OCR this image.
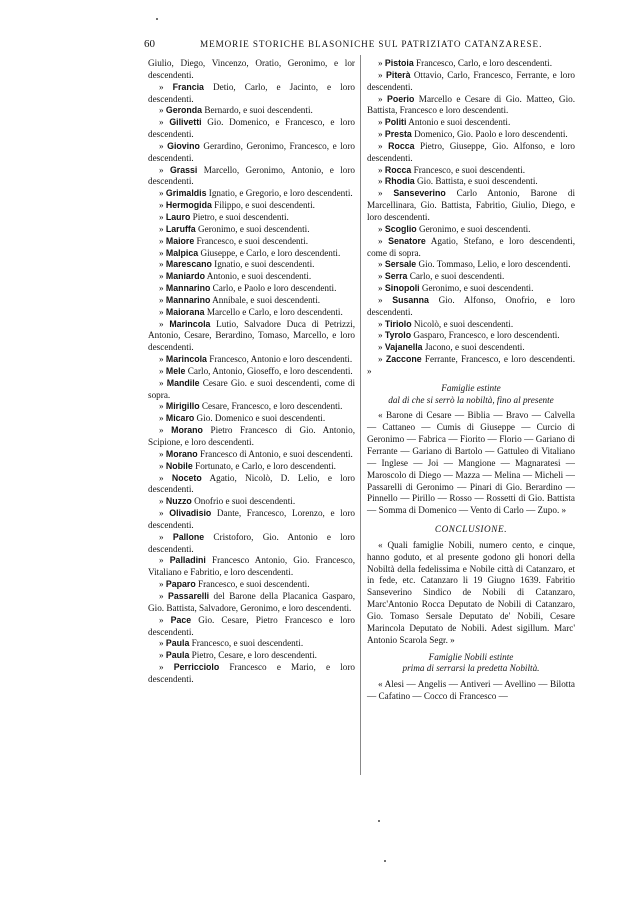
60	MEMORIE STORICHE BLASONICHE SUL PATRIZIATO CATANZARESE.

Giulio, Diego, Vincenzo, Oratio, Geronimo, e lor descendenti.

» Francia Detio, Carlo, e Jacinto, e loro descendenti.

» Geronda Bernardo, e suoi descendenti.

» Gilivetti Gio. Domenico, e Francesco, e loro descendenti.

» Giovino Gerardino, Geronimo, Francesco, e loro descendenti.

» Grassi Marcello, Geronimo, Antonio, e loro descendenti.

» Grimaldis Ignatio, e Gregorio, e loro descendenti.

» Hermogida Filippo, e suoi descendenti.

» Lauro Pietro, e suoi descendenti.

» Laruffa Geronimo, e suoi descendenti.

» Maiore Francesco, e suoi descendenti.

» Malpica Giuseppe, e Carlo, e loro descendenti.

» Marescano Ignatio, e suoi descendenti.

» Maniardo Antonio, e suoi descendenti.

» Mannarino Carlo, e Paolo e loro descendenti.

» Mannarino Annibale, e suoi descendenti.

» Maiorana Marcello e Carlo, e loro descendenti.

» Marincola Lutio, Salvadore Duca di Petrizzi, Antonio, Cesare, Berardino, Tomaso, Marcello, e loro descendenti.

» Marincola Francesco, Antonio e loro descendenti.

» Mele Carlo, Antonio, Gioseffo, e loro descendenti.

» Mandile Cesare Gio. e suoi descendenti, come di sopra.

» Mirigillo Cesare, Francesco, e loro descendenti.

» Micaro Gio. Domenico e suoi descendenti.

» Morano Pietro Francesco di Gio. Antonio, Scipione, e loro descendenti.

» Morano Francesco di Antonio, e suoi descendenti.

» Nobile Fortunato, e Carlo, e loro descendenti.

» Noceto Agatio, Nicolò, D. Lelio, e loro descendenti.

» Nuzzo Onofrio e suoi descendenti.

» Olivadisio Dante, Francesco, Lorenzo, e loro descendenti.

» Pallone Cristoforo, Gio. Antonio e loro descendenti.

» Palladini Francesco Antonio, Gio. Francesco, Vitaliano e Fabritio, e loro descendenti.

» Paparo Francesco, e suoi descendenti.

» Passarelli del Barone della Placanica Gasparo, Gio. Battista, Salvadore, Geronimo, e loro descendenti.

» Pace Gio. Cesare, Pietro Francesco e loro descendenti.

» Paula Francesco, e suoi descendenti.

» Paula Pietro, Cesare, e loro descendenti.

» Perricciolo Francesco e Mario, e loro descendenti.

» Pistoia Francesco, Carlo, e loro descendenti.

» Piterà Ottavio, Carlo, Francesco, Ferrante, e loro descendenti.

» Poerio Marcello e Cesare di Gio. Matteo, Gio. Battista, Francesco e loro descendenti.

» Politi Antonio e suoi descendenti.

» Presta Domenico, Gio. Paolo e loro descendenti.

» Rocca Pietro, Giuseppe, Gio. Alfonso, e loro descendenti.

» Rocca Francesco, e suoi descendenti.

» Rhodia Gio. Battista, e suoi descendenti.

» Sanseverino Carlo Antonio, Barone di Marcellinara, Gio. Battista, Fabritio, Giulio, Diego, e loro descendenti.

» Scoglio Geronimo, e suoi descendenti.

» Senatore Agatio, Stefano, e loro descendenti, come di sopra.

» Sersale Gio. Tommaso, Lelio, e loro descendenti.

» Serra Carlo, e suoi descendenti.

» Sinopoli Geronimo, e suoi descendenti.

» Susanna Gio. Alfonso, Onofrio, e loro descendenti.

» Tiriolo Nicolò, e suoi descendenti.

» Tyrolo Gasparo, Francesco, e loro descendenti.

» Vajanella Jacono, e suoi descendenti.

» Zaccone Ferrante, Francesco, e loro descendenti. »

Famiglie estinte

dal di che si serrò la nobiltà, fino al presente

« Barone di Cesare — Biblia — Bravo — Calvella — Cattaneo — Cumis di Giuseppe — Curcio di Geronimo — Fabrica — Fiorito — Florio — Gariano di Ferrante — Gariano di Bartolo — Gattuleo di Vitaliano — Inglese — Joi — Mangione — Magnaratesi — Maroscolo di Diego — Mazza — Melina — Micheli — Passarelli di Geronimo — Pinari di Gio. Berardino — Pinnello — Pirillo — Rosso — Rossetti di Gio. Battista — Somma di Domenico — Vento di Carlo — Zupo. »

CONCLUSIONE.

« Quali famiglie Nobili, numero cento, e cinque, hanno goduto, et al presente godono gli honori della Nobiltà della fedelissima e Nobile città di Catanzaro, et in fede, etc. Catanzaro li 19 Giugno 1639. Fabritio Sanseverino Sindico de Nobili di Catanzaro, Marc'Antonio Rocca Deputato de Nobili di Catanzaro, Gio. Tomaso Sersale Deputato de' Nobili, Cesare Marincola Deputato de Nobili. Adest sigillum. Marc' Antonio Scarola Segr. »

Famiglie Nobili estinte

prima di serrarsi la predetta Nobiltà.

« Alesi — Angelis — Antiveri — Avellino — Bilotta — Cafatino — Cocco di Francesco —
